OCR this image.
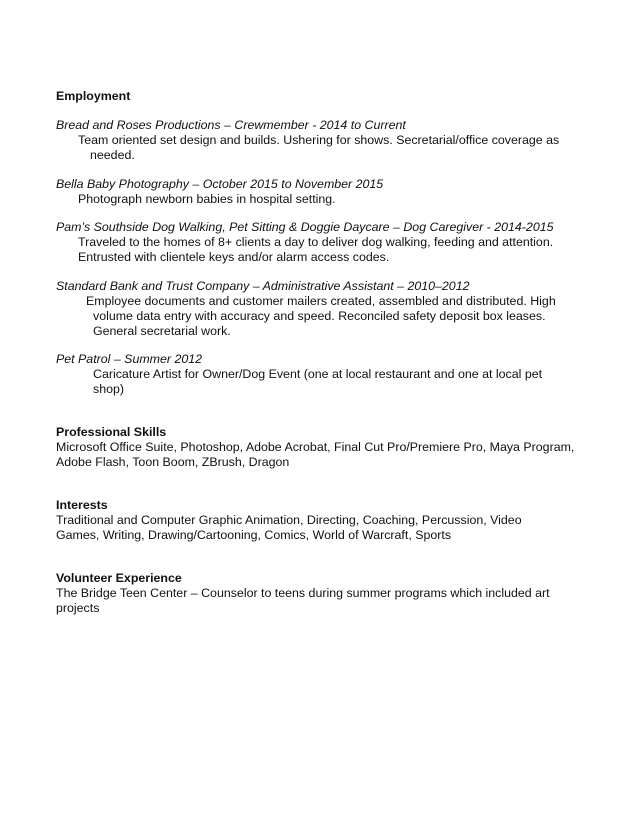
Employment

Bread and Roses Productions – Crewmember - 2014 to Current

Team oriented set design and builds. Ushering for shows. Secretarial/office coverage as
needed.

Bella Baby Photography – October 2015 to November 2015

Photograph newborn babies in hospital setting.

Pam’s Southside Dog Walking, Pet Sitting & Doggie Daycare – Dog Caregiver - 2014-2015

Traveled to the homes of 8+ clients a day to deliver dog walking, feeding and attention.
Entrusted with clientele keys and/or alarm access codes.

Standard Bank and Trust Company – Administrative Assistant – 2010–2012

Employee documents and customer mailers created, assembled and distributed. High
volume data entry with accuracy and speed. Reconciled safety deposit box leases.
General secretarial work.

Pet Patrol – Summer 2012

Caricature Artist for Owner/Dog Event (one at local restaurant and one at local pet
shop)

Professional Skills

Microsoft Office Suite, Photoshop, Adobe Acrobat, Final Cut Pro/Premiere Pro, Maya Program,
Adobe Flash, Toon Boom, ZBrush, Dragon

Interests

Traditional and Computer Graphic Animation, Directing, Coaching, Percussion, Video
Games, Writing, Drawing/Cartooning, Comics, World of Warcraft, Sports

Volunteer Experience

The Bridge Teen Center – Counselor to teens during summer programs which included art
projects
